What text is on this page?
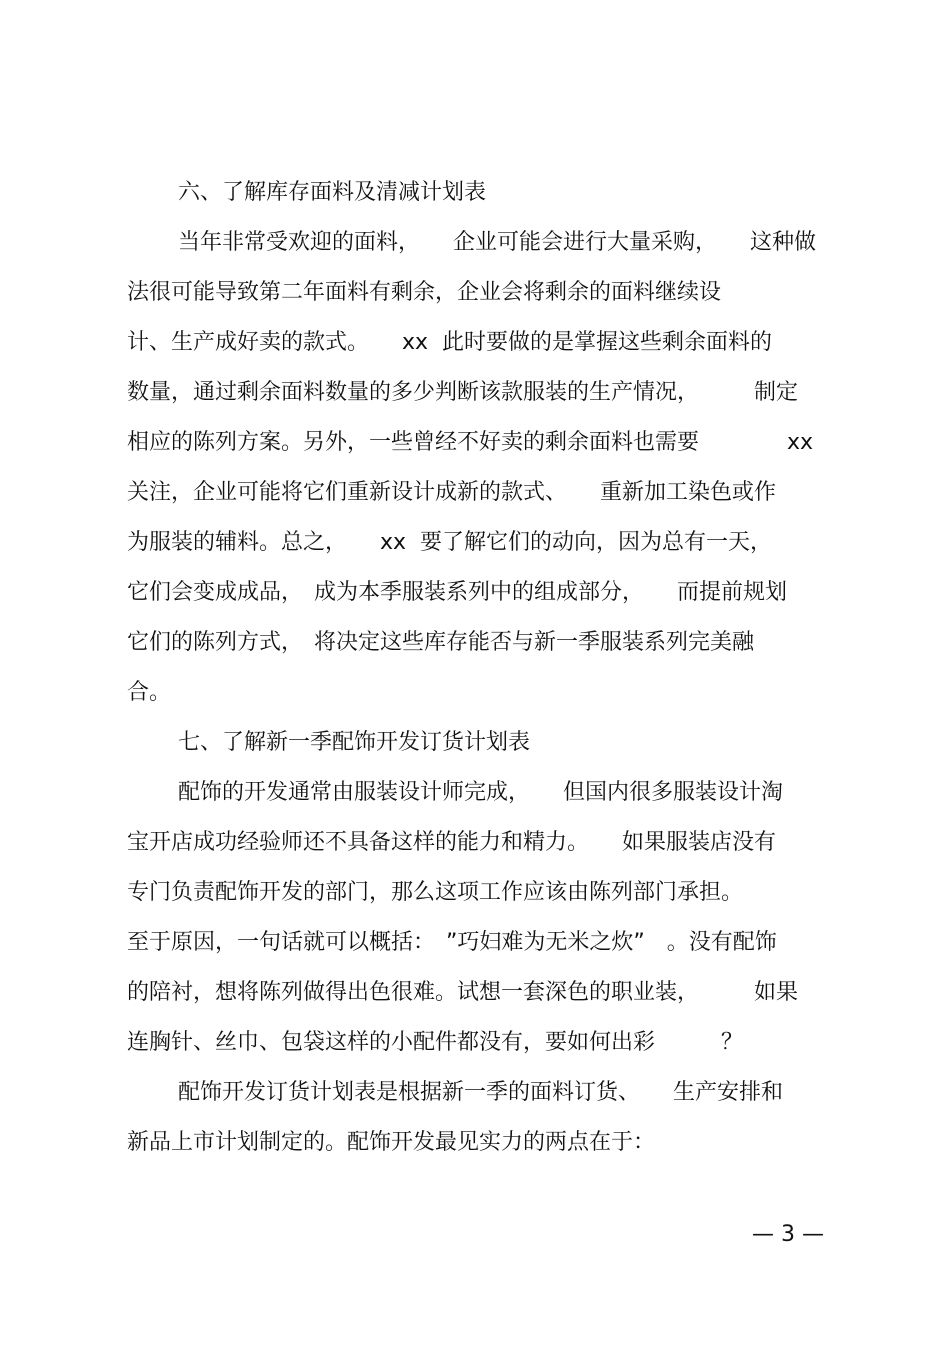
六、了解库存面料及清减计划表
当年非常受欢迎的面料，　　企业可能会进行大量采购，　　这种做
法很可能导致第二年面料有剩余，企业会将剩余的面料继续设
计、生产成好卖的款式。　　xx  此时要做的是掌握这些剩余面料的
数量，通过剩余面料数量的多少判断该款服装的生产情况，　　　制定
相应的陈列方案。另外，一些曾经不好卖的剩余面料也需要　　　　xx
关注，企业可能将它们重新设计成新的款式、　　重新加工染色或作
为服装的辅料。总之，　　xx  要了解它们的动向，因为总有一天，
它们会变成成品，　成为本季服装系列中的组成部分，　　而提前规划
它们的陈列方式，　将决定这些库存能否与新一季服装系列完美融
合。
七、了解新一季配饰开发订货计划表
配饰的开发通常由服装设计师完成，　　但国内很多服装设计淘
宝开店成功经验师还不具备这样的能力和精力。　　如果服装店没有
专门负责配饰开发的部门，那么这项工作应该由陈列部门承担。
至于原因，一句话就可以概括：　”巧妇难为无米之炊”　。没有配饰
的陪衬，想将陈列做得出色很难。试想一套深色的职业装，　　　如果
连胸针、丝巾、包袋这样的小配件都没有，要如何出彩　　　？
配饰开发订货计划表是根据新一季的面料订货、　　生产安排和
新品上市计划制定的。配饰开发最见实力的两点在于：
— 3 —
